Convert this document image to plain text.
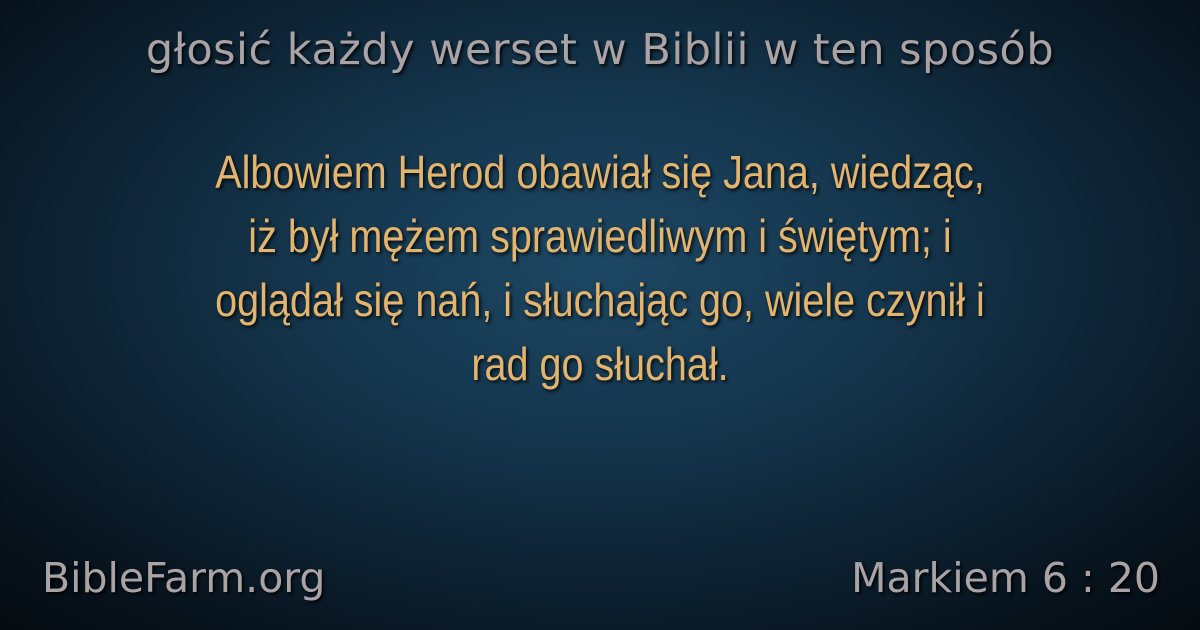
głosić każdy werset w Biblii w ten sposób
Albowiem Herod obawiał się Jana, wiedząc,
iż był mężem sprawiedliwym i świętym; i
oglądał się nań, i słuchając go, wiele czynił i
rad go słuchał.
BibleFarm.org	Markiem 6 : 20
